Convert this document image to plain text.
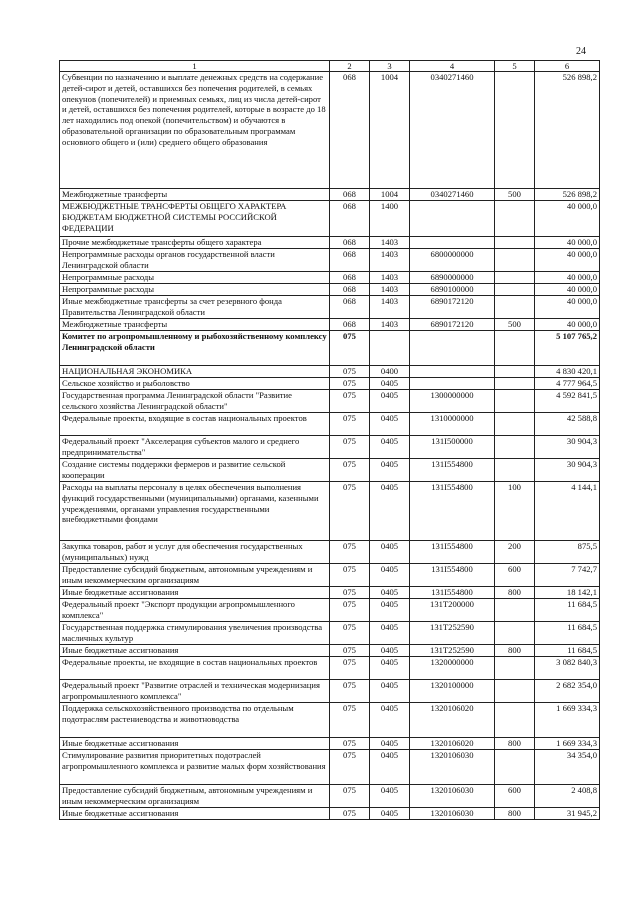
24
1	2	3	4	5	6
Субвенции по назначению и выплате денежных средств на содержание детей-сирот и детей, оставшихся без попечения родителей, в семьях опекунов (попечителей) и приемных семьях, лиц из числа детей-сирот и детей, оставшихся без попечения родителей, которые в возрасте до 18 лет находились под опекой (попечительством) и обучаются в образовательной организации по образовательным программам основного общего и (или) среднего общего образования	068	1004	0340271460		526 898,2
Межбюджетные трансферты	068	1004	0340271460	500	526 898,2
МЕЖБЮДЖЕТНЫЕ ТРАНСФЕРТЫ ОБЩЕГО ХАРАКТЕРА БЮДЖЕТАМ БЮДЖЕТНОЙ СИСТЕМЫ РОССИЙСКОЙ ФЕДЕРАЦИИ	068	1400			40 000,0
Прочие межбюджетные трансферты общего характера	068	1403			40 000,0
Непрограммные расходы органов государственной власти Ленинградской области	068	1403	6800000000		40 000,0
Непрограммные расходы	068	1403	6890000000		40 000,0
Непрограммные расходы	068	1403	6890100000		40 000,0
Иные межбюджетные трансферты за счет резервного фонда Правительства Ленинградской области	068	1403	6890172120		40 000,0
Межбюджетные трансферты	068	1403	6890172120	500	40 000,0
Комитет по агропромышленному и рыбохозяйственному комплексу Ленинградской области	075				5 107 765,2
НАЦИОНАЛЬНАЯ ЭКОНОМИКА	075	0400			4 830 420,1
Сельское хозяйство и рыболовство	075	0405			4 777 964,5
Государственная программа Ленинградской области "Развитие сельского хозяйства Ленинградской области"	075	0405	1300000000		4 592 841,5
Федеральные проекты, входящие в состав национальных проектов	075	0405	1310000000		42 588,8
Федеральный проект "Акселерация субъектов малого и среднего предпринимательства"	075	0405	131I500000		30 904,3
Создание системы поддержки фермеров и развитие сельской кооперации	075	0405	131I554800		30 904,3
Расходы на выплаты персоналу в целях обеспечения выполнения функций государственными (муниципальными) органами, казенными учреждениями, органами управления государственными внебюджетными фондами	075	0405	131I554800	100	4 144,1
Закупка товаров, работ и услуг для обеспечения государственных (муниципальных) нужд	075	0405	131I554800	200	875,5
Предоставление субсидий бюджетным, автономным учреждениям и иным некоммерческим организациям	075	0405	131I554800	600	7 742,7
Иные бюджетные ассигнования	075	0405	131I554800	800	18 142,1
Федеральный проект "Экспорт продукции агропромышленного комплекса"	075	0405	131T200000		11 684,5
Государственная поддержка стимулирования увеличения производства масличных культур	075	0405	131T252590		11 684,5
Иные бюджетные ассигнования	075	0405	131T252590	800	11 684,5
Федеральные проекты, не входящие в состав национальных проектов	075	0405	1320000000		3 082 840,3
Федеральный проект "Развитие отраслей и техническая модернизация агропромышленного комплекса"	075	0405	1320100000		2 682 354,0
Поддержка сельскохозяйственного производства по отдельным подотраслям растениеводства и животноводства	075	0405	1320106020		1 669 334,3
Иные бюджетные ассигнования	075	0405	1320106020	800	1 669 334,3
Стимулирование развития приоритетных подотраслей агропромышленного комплекса и развитие малых форм хозяйствования	075	0405	1320106030		34 354,0
Предоставление субсидий бюджетным, автономным учреждениям и иным некоммерческим организациям	075	0405	1320106030	600	2 408,8
Иные бюджетные ассигнования	075	0405	1320106030	800	31 945,2
